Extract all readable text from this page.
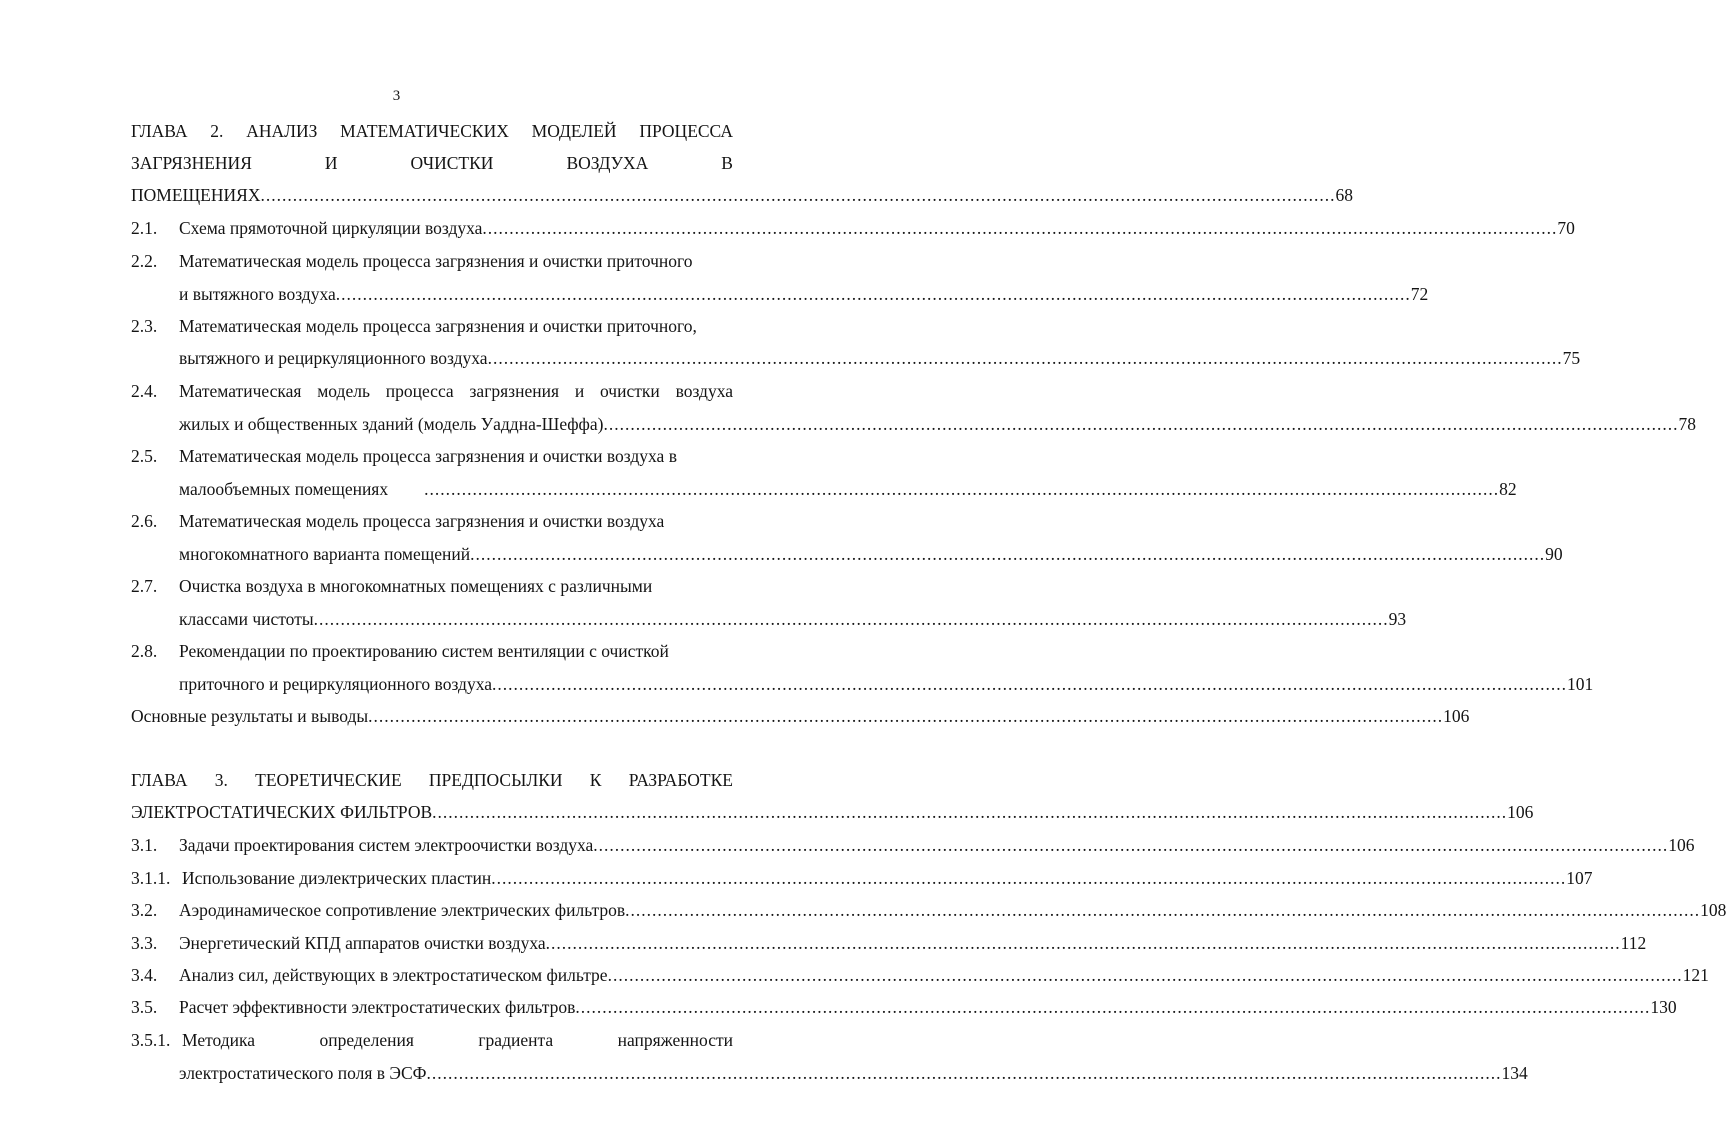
3
ГЛАВА 2. АНАЛИЗ МАТЕМАТИЧЕСКИХ МОДЕЛЕЙ ПРОЦЕССА
ЗАГРЯЗНЕНИЯ	И	ОЧИСТКИ	ВОЗДУХА	В
ПОМЕЩЕНИЯХ ........................................................................................................................................................................................................ 68
2.1. Схема прямоточной циркуляции воздуха ........................................................................................................................................................................................................ 70
2.2. Математическая модель процесса загрязнения и очистки приточного
и вытяжного воздуха ........................................................................................................................................................................................................ 72
2.3. Математическая модель процесса загрязнения и очистки приточного,
вытяжного и рециркуляционного воздуха ........................................................................................................................................................................................................ 75
2.4. Математическая модель процесса загрязнения и очистки воздуха
жилых и общественных зданий (модель Уаддна-Шеффа) ........................................................................................................................................................................................................ 78
2.5. Математическая модель процесса загрязнения и очистки воздуха в
малообъемных помещениях ........................................................................................................................................................................................................ 82
2.6. Математическая модель процесса загрязнения и очистки воздуха
многокомнатного варианта помещений ........................................................................................................................................................................................................ 90
2.7. Очистка воздуха в многокомнатных помещениях с различными
классами чистоты ........................................................................................................................................................................................................ 93
2.8. Рекомендации по проектированию систем вентиляции с очисткой
приточного и рециркуляционного воздуха ........................................................................................................................................................................................................ 101
Основные результаты и выводы ........................................................................................................................................................................................................ 106
ГЛАВА 3. ТЕОРЕТИЧЕСКИЕ ПРЕДПОСЫЛКИ К РАЗРАБОТКЕ
ЭЛЕКТРОСТАТИЧЕСКИХ ФИЛЬТРОВ ........................................................................................................................................................................................................ 106
3.1. Задачи проектирования систем электроочистки воздуха ........................................................................................................................................................................................................ 106
3.1.1. Использование диэлектрических пластин ........................................................................................................................................................................................................ 107
3.2. Аэродинамическое сопротивление электрических фильтров ........................................................................................................................................................................................................ 108
3.3. Энергетический КПД аппаратов очистки воздуха ........................................................................................................................................................................................................ 112
3.4. Анализ сил, действующих в электростатическом фильтре ........................................................................................................................................................................................................ 121
3.5. Расчет эффективности электростатических фильтров ........................................................................................................................................................................................................ 130
3.5.1. Методика	определения	градиента	напряженности
электростатического поля в ЭСФ ........................................................................................................................................................................................................ 134
